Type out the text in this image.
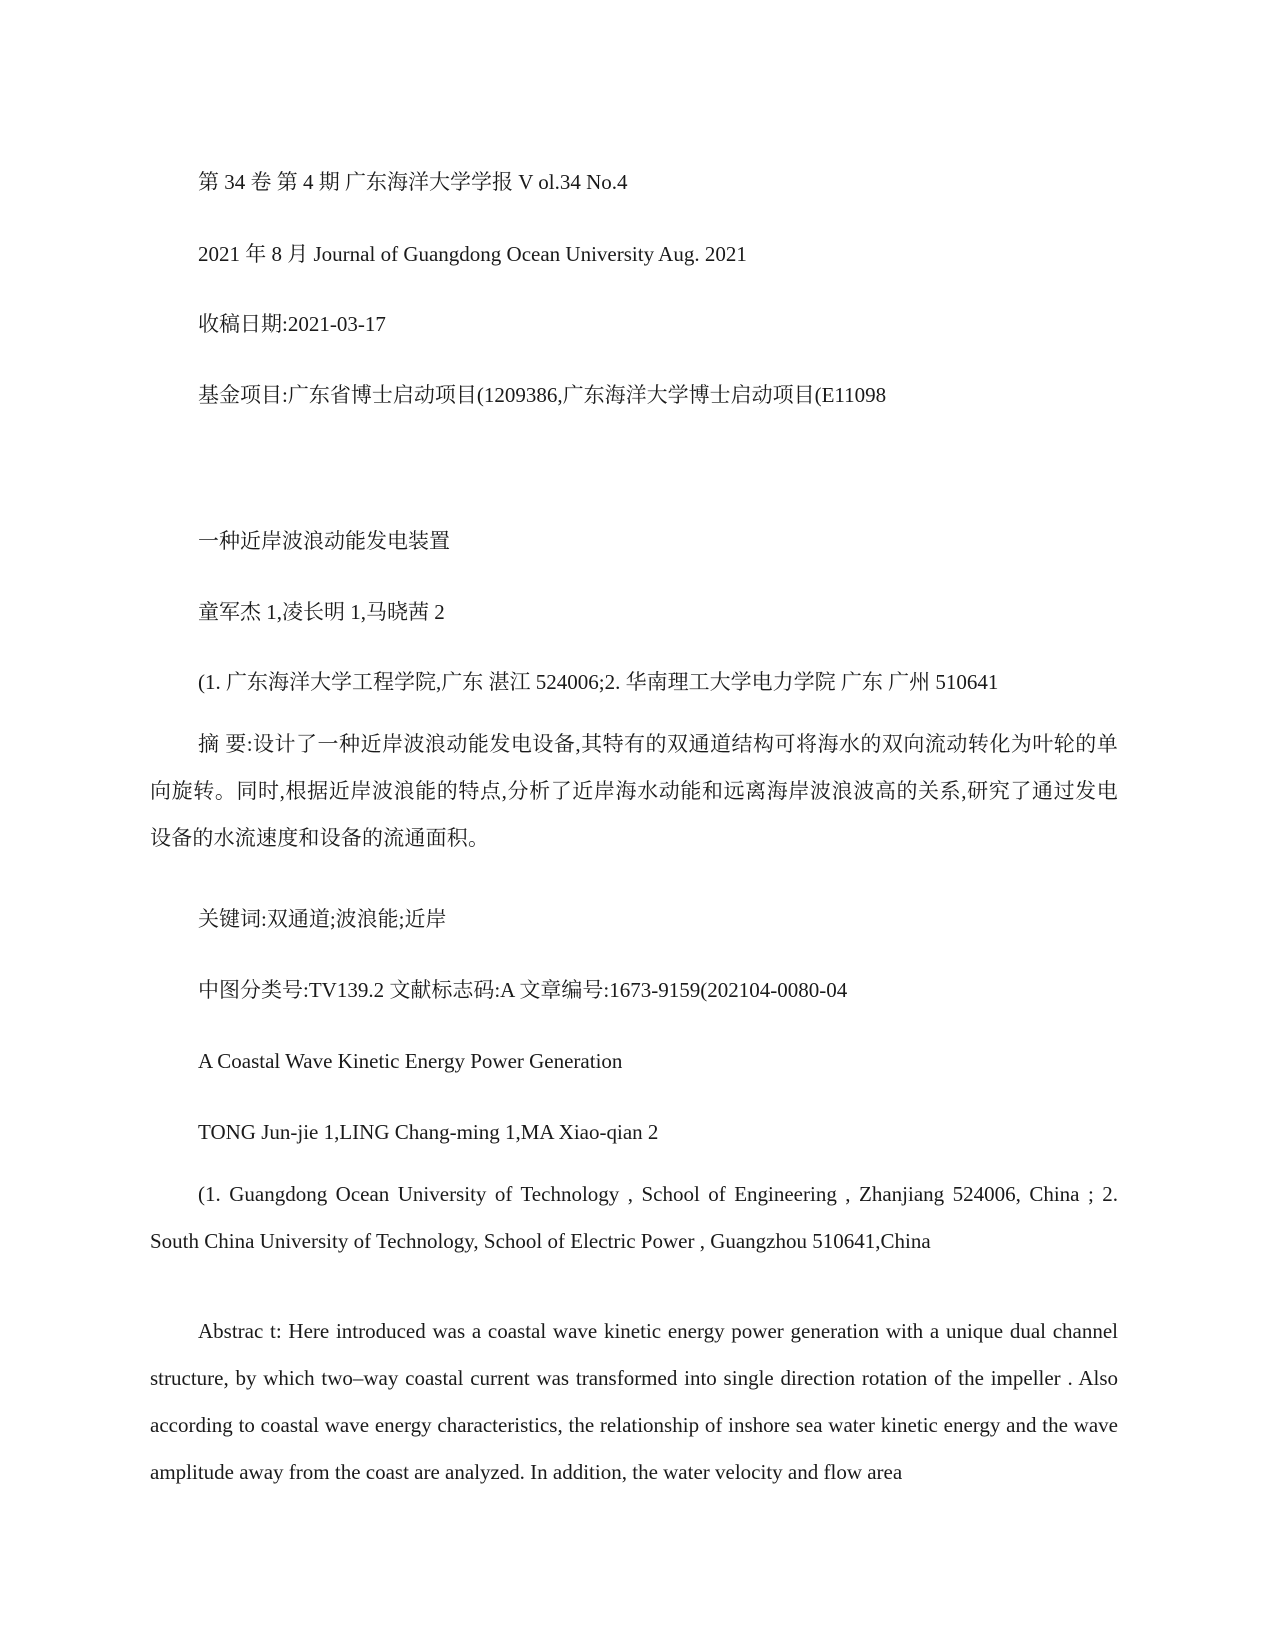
第 34 卷 第 4 期 广东海洋大学学报 V ol.34 No.4
2021 年 8 月 Journal of Guangdong Ocean University Aug. 2021
收稿日期:2021-03-17
基金项目:广东省博士启动项目(1209386,广东海洋大学博士启动项目(E11098
一种近岸波浪动能发电装置
童军杰 1,凌长明 1,马晓茜 2
(1. 广东海洋大学工程学院,广东 湛江 524006;2. 华南理工大学电力学院 广东 广州 510641
摘 要:设计了一种近岸波浪动能发电设备,其特有的双通道结构可将海水的双向流动转化为叶轮的单向旋转。同时,根据近岸波浪能的特点,分析了近岸海水动能和远离海岸波浪波高的关系,研究了通过发电设备的水流速度和设备的流通面积。
关键词:双通道;波浪能;近岸
中图分类号:TV139.2 文献标志码:A 文章编号:1673-9159(202104-0080-04
A Coastal Wave Kinetic Energy Power Generation
TONG Jun-jie 1,LING Chang-ming 1,MA Xiao-qian 2
(1. Guangdong Ocean University of Technology , School of Engineering , Zhanjiang 524006, China ; 2. South China University of Technology, School of Electric Power , Guangzhou 510641,China
Abstrac t: Here introduced was a coastal wave kinetic energy power generation with a unique dual channel structure, by which two–way coastal current was transformed into single direction rotation of the impeller . Also according to coastal wave energy characteristics, the relationship of inshore sea water kinetic energy and the wave amplitude away from the coast are analyzed. In addition, the water velocity and flow area
